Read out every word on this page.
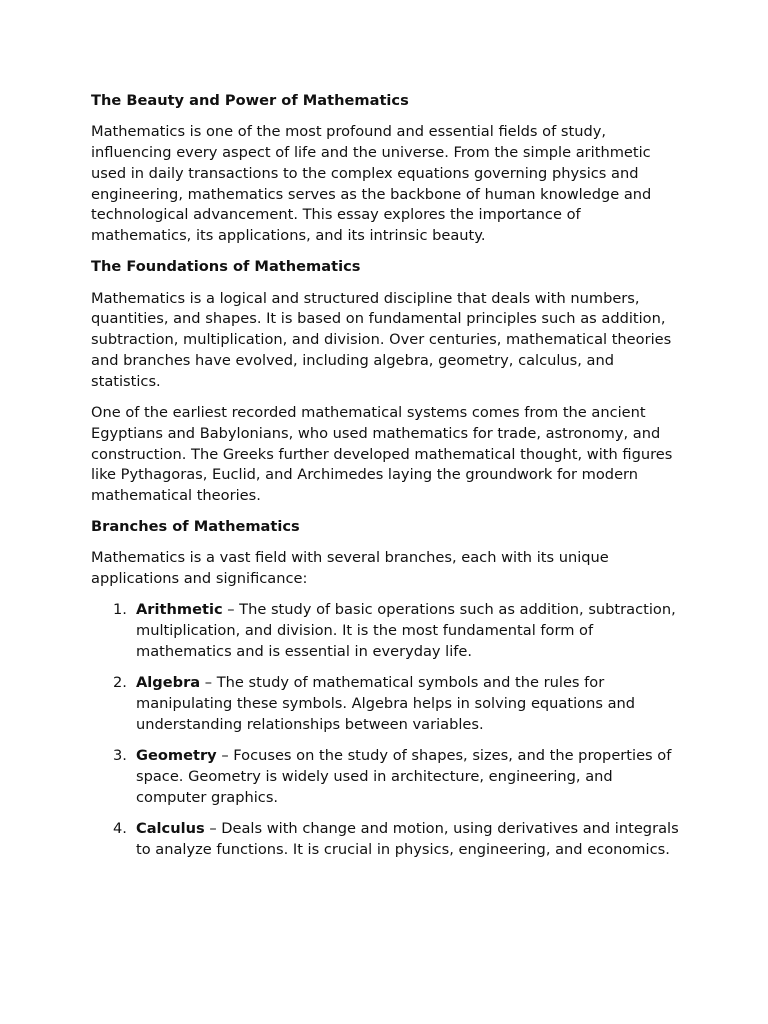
The Beauty and Power of Mathematics

Mathematics is one of the most profound and essential fields of study, influencing every aspect of life and the universe. From the simple arithmetic used in daily transactions to the complex equations governing physics and engineering, mathematics serves as the backbone of human knowledge and technological advancement. This essay explores the importance of mathematics, its applications, and its intrinsic beauty.

The Foundations of Mathematics

Mathematics is a logical and structured discipline that deals with numbers, quantities, and shapes. It is based on fundamental principles such as addition, subtraction, multiplication, and division. Over centuries, mathematical theories and branches have evolved, including algebra, geometry, calculus, and statistics.

One of the earliest recorded mathematical systems comes from the ancient Egyptians and Babylonians, who used mathematics for trade, astronomy, and construction. The Greeks further developed mathematical thought, with figures like Pythagoras, Euclid, and Archimedes laying the groundwork for modern mathematical theories.

Branches of Mathematics

Mathematics is a vast field with several branches, each with its unique applications and significance:

1. Arithmetic – The study of basic operations such as addition, subtraction, multiplication, and division. It is the most fundamental form of mathematics and is essential in everyday life.
2. Algebra – The study of mathematical symbols and the rules for manipulating these symbols. Algebra helps in solving equations and understanding relationships between variables.
3. Geometry – Focuses on the study of shapes, sizes, and the properties of space. Geometry is widely used in architecture, engineering, and computer graphics.
4. Calculus – Deals with change and motion, using derivatives and integrals to analyze functions. It is crucial in physics, engineering, and economics.
